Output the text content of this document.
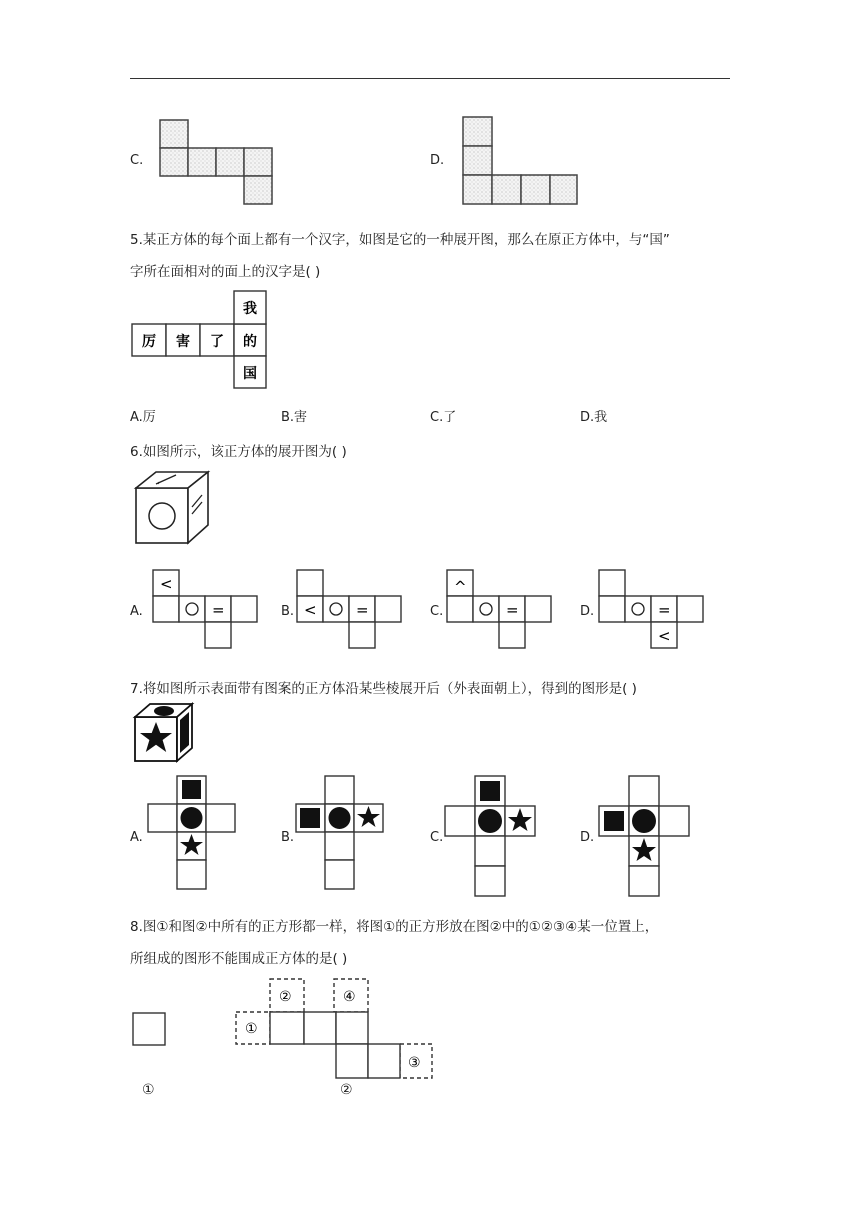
C.	D.
5.某正方体的每个面上都有一个汉字，如图是它的一种展开图，那么在原正方体中，与“国”
字所在面相对的面上的汉字是( )
厉 害 了 的
我
国
A.厉	B.害	C.了	D.我
6.如图所示，该正方体的展开图为( )
A.
<
=	B. <	=	C.
^
=	D.	=
<
7.将如图所示表面带有图案的正方体沿某些棱展开后（外表面朝上），得到的图形是( )
A.	B.	C.	D.
8.图①和图②中所有的正方形都一样，将图①的正方形放在图②中的①②③④某一位置上，
所组成的图形不能围成正方体的是( )
①
①
②	④
③
②
